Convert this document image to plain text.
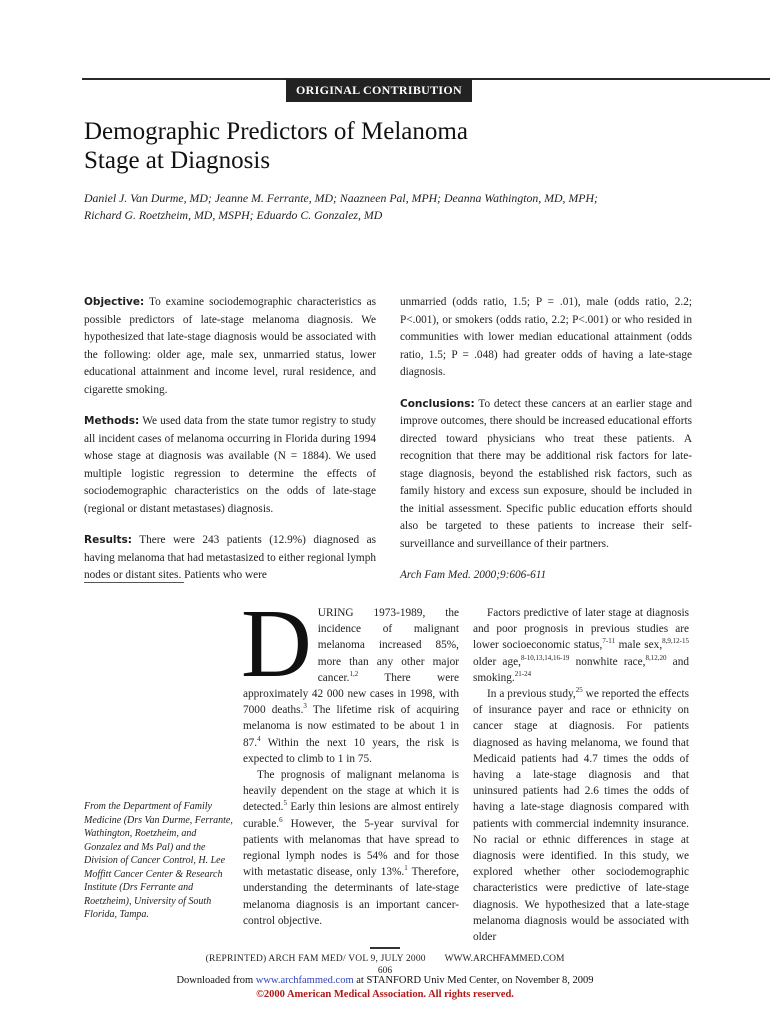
ORIGINAL CONTRIBUTION
Demographic Predictors of Melanoma
Stage at Diagnosis

Daniel J. Van Durme, MD; Jeanne M. Ferrante, MD; Naazneen Pal, MPH; Deanna Wathington, MD, MPH;
Richard G. Roetzheim, MD, MSPH; Eduardo C. Gonzalez, MD

Objective: To examine sociodemographic characteristics as possible predictors of late-stage melanoma diagnosis. We hypothesized that late-stage diagnosis would be associated with the following: older age, male sex, unmarried status, lower educational attainment and income level, rural residence, and cigarette smoking.

Methods: We used data from the state tumor registry to study all incident cases of melanoma occurring in Florida during 1994 whose stage at diagnosis was available (N = 1884). We used multiple logistic regression to determine the effects of sociodemographic characteristics on the odds of late-stage (regional or distant metastases) diagnosis.

Results: There were 243 patients (12.9%) diagnosed as having melanoma that had metastasized to either regional lymph nodes or distant sites. Patients who were

unmarried (odds ratio, 1.5; P = .01), male (odds ratio, 2.2; P<.001), or smokers (odds ratio, 2.2; P<.001) or who resided in communities with lower median educational attainment (odds ratio, 1.5; P = .048) had greater odds of having a late-stage diagnosis.

Conclusions: To detect these cancers at an earlier stage and improve outcomes, there should be increased educational efforts directed toward physicians who treat these patients. A recognition that there may be additional risk factors for late-stage diagnosis, beyond the established risk factors, such as family history and excess sun exposure, should be included in the initial assessment. Specific public education efforts should also be targeted to these patients to increase their self-surveillance and surveillance of their partners.

Arch Fam Med. 2000;9:606-611

From the Department of Family Medicine (Drs Van Durme, Ferrante, Wathington, Roetzheim, and Gonzalez and Ms Pal) and the Division of Cancer Control, H. Lee Moffitt Cancer Center & Research Institute (Drs Ferrante and Roetzheim), University of South Florida, Tampa.

DURING 1973-1989, the incidence of malignant melanoma increased 85%, more than any other major cancer.$^{1,2}$ There were approximately 42 000 new cases in 1998, with 7000 deaths.$^3$ The lifetime risk of acquiring melanoma is now estimated to be about 1 in 87.$^4$ Within the next 10 years, the risk is expected to climb to 1 in 75.

The prognosis of malignant melanoma is heavily dependent on the stage at which it is detected.$^5$ Early thin lesions are almost entirely curable.$^6$ However, the 5-year survival for patients with melanomas that have spread to regional lymph nodes is 54% and for those with metastatic disease, only 13%.$^1$ Therefore, understanding the determinants of late-stage melanoma diagnosis is an important cancer-control objective.

Factors predictive of later stage at diagnosis and poor prognosis in previous studies are lower socioeconomic status,$^{7-11}$ male sex,$^{8,9,12-15}$ older age,$^{8-10,13,14,16-19}$ nonwhite race,$^{8,12,20}$ and smoking.$^{21-24}$

In a previous study,$^{25}$ we reported the effects of insurance payer and race or ethnicity on cancer stage at diagnosis. For patients diagnosed as having melanoma, we found that Medicaid patients had 4.7 times the odds of having a late-stage diagnosis and that uninsured patients had 2.6 times the odds of having a late-stage diagnosis compared with patients with commercial indemnity insurance. No racial or ethnic differences in stage at diagnosis were identified. In this study, we explored whether other sociodemographic characteristics were predictive of late-stage diagnosis. We hypothesized that a late-stage melanoma diagnosis would be associated with older

(REPRINTED) ARCH FAM MED/ VOL 9, JULY 2000 WWW.ARCHFAMMED.COM
606
Downloaded from www.archfammed.com at STANFORD Univ Med Center, on November 8, 2009
©2000 American Medical Association. All rights reserved.
